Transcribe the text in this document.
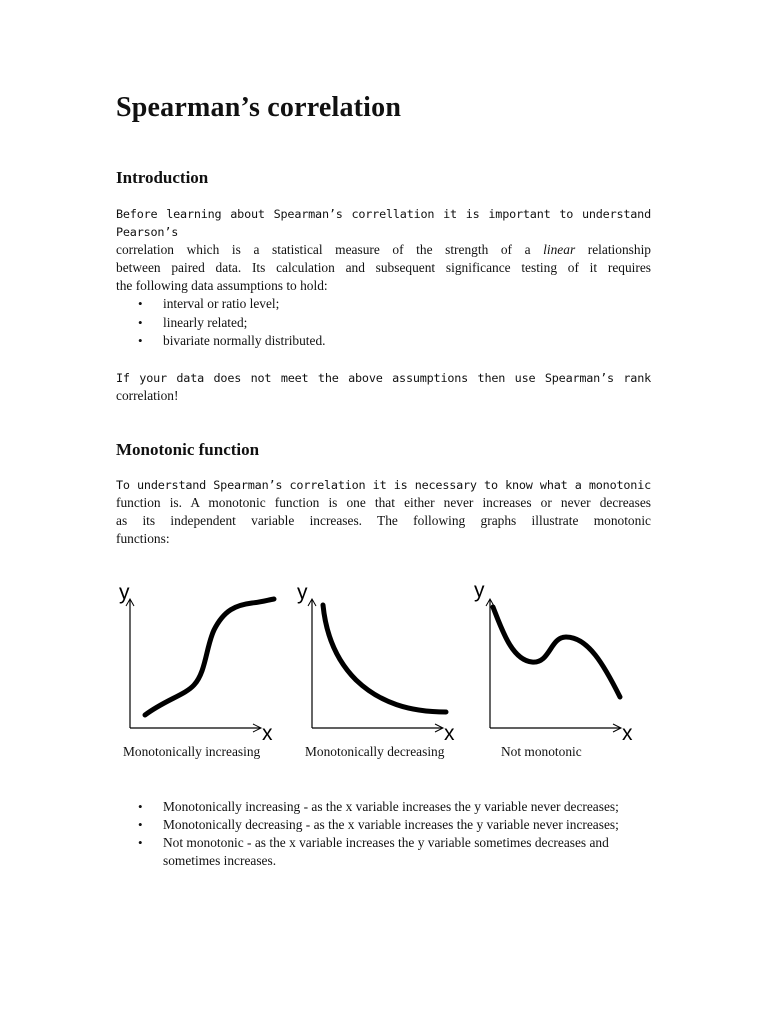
Spearman’s correlation
Introduction
Before learning about Spearman’s correllation it is important to understand Pearson’s
correlation which is a statistical measure of the strength of a linear relationship
between paired data. Its calculation and subsequent significance testing of it requires
the following data assumptions to hold:
• interval or ratio level;
• linearly related;
• bivariate normally distributed.
If your data does not meet the above assumptions then use Spearman’s rank
correlation!
Monotonic function
To understand Spearman’s correlation it is necessary to know what a monotonic
function is. A monotonic function is one that either never increases or never decreases
as its independent variable increases. The following graphs illustrate monotonic
functions:
y
x
y
x
y
x

Monotonically increasing	Monotonically decreasing	Not monotonic

• Monotonically increasing - as the x variable increases the y variable never decreases;
• Monotonically decreasing - as the x variable increases the y variable never increases;
• Not monotonic - as the x variable increases the y variable sometimes decreases and sometimes increases.
